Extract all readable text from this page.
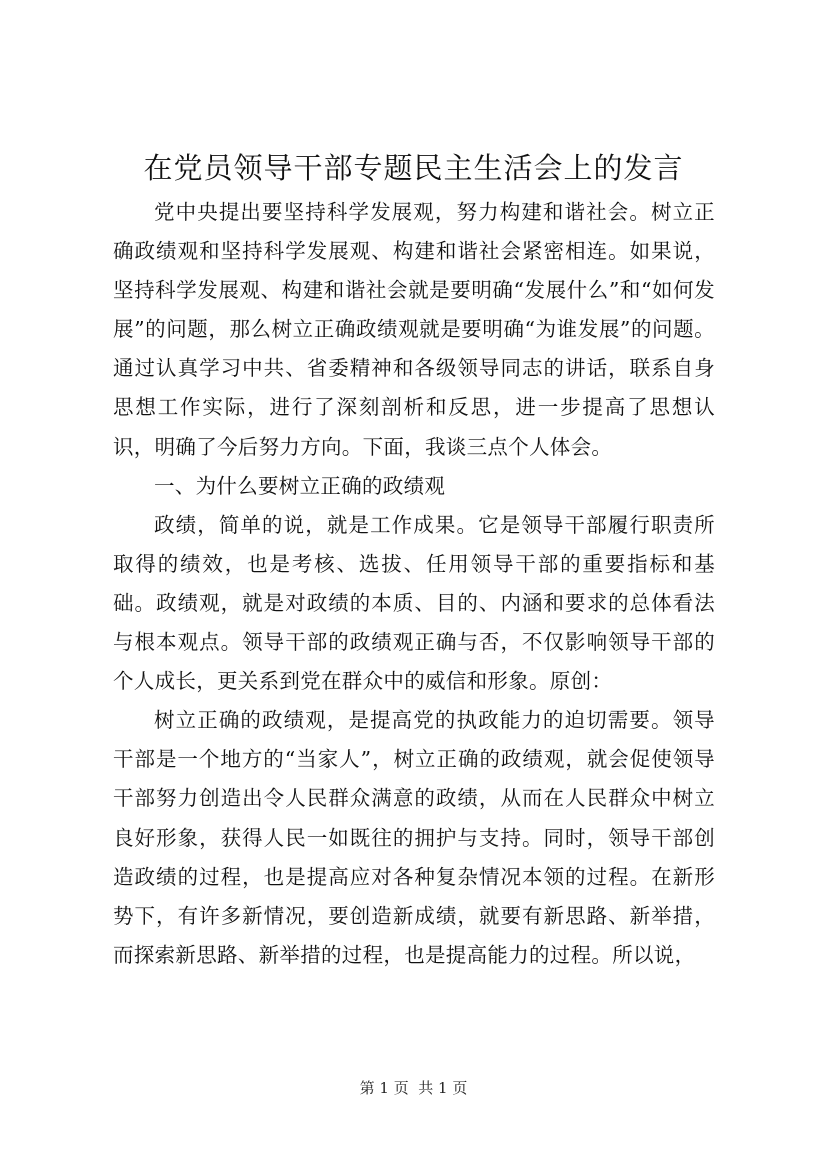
在党员领导干部专题民主生活会上的发言

党中央提出要坚持科学发展观，努力构建和谐社会。树立正确政绩观和坚持科学发展观、构建和谐社会紧密相连。如果说，坚持科学发展观、构建和谐社会就是要明确“发展什么”和“如何发展”的问题，那么树立正确政绩观就是要明确“为谁发展”的问题。通过认真学习中共、省委精神和各级领导同志的讲话，联系自身思想工作实际，进行了深刻剖析和反思，进一步提高了思想认识，明确了今后努力方向。下面，我谈三点个人体会。

一、为什么要树立正确的政绩观

政绩，简单的说，就是工作成果。它是领导干部履行职责所取得的绩效，也是考核、选拔、任用领导干部的重要指标和基础。政绩观，就是对政绩的本质、目的、内涵和要求的总体看法与根本观点。领导干部的政绩观正确与否，不仅影响领导干部的个人成长，更关系到党在群众中的威信和形象。原创：

树立正确的政绩观，是提高党的执政能力的迫切需要。领导干部是一个地方的“当家人”，树立正确的政绩观，就会促使领导干部努力创造出令人民群众满意的政绩，从而在人民群众中树立良好形象，获得人民一如既往的拥护与支持。同时，领导干部创造政绩的过程，也是提高应对各种复杂情况本领的过程。在新形势下，有许多新情况，要创造新成绩，就要有新思路、新举措，而探索新思路、新举措的过程，也是提高能力的过程。所以说，

第 1 页  共 1 页
